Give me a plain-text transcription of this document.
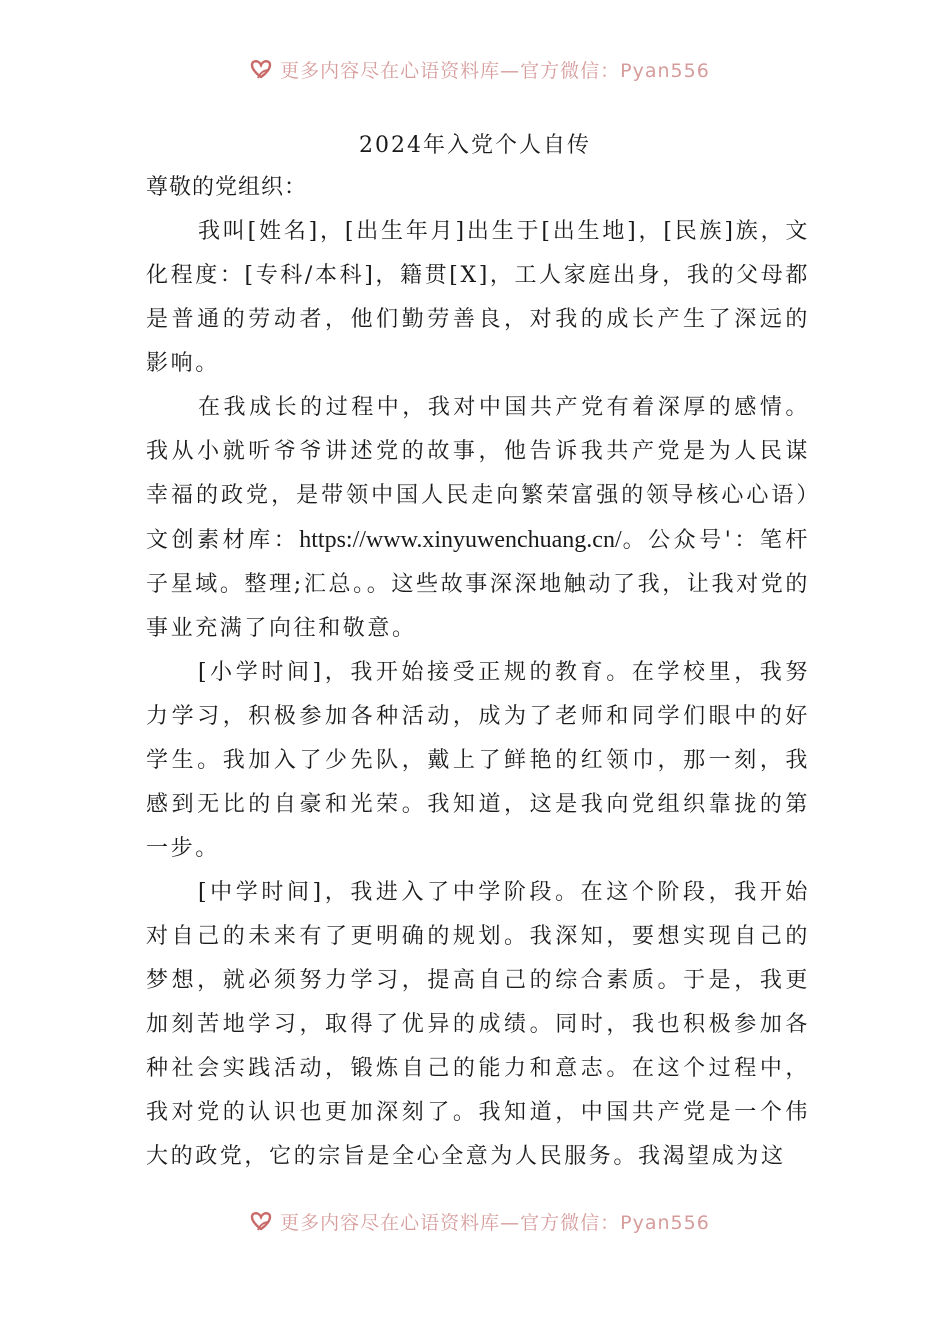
更多内容尽在心语资料库—官方微信：Pyan556
2024年入党个人自传

尊敬的党组织：

我叫[姓名]，[出生年月]出生于[出生地]，[民族]族，文化程度：[专科/本科]，籍贯[X]，工人家庭出身，我的父母都是普通的劳动者，他们勤劳善良，对我的成长产生了深远的影响。

在我成长的过程中，我对中国共产党有着深厚的感情。我从小就听爷爷讲述党的故事，他告诉我共产党是为人民谋幸福的政党，是带领中国人民走向繁荣富强的领导核心心语）文创素材库：https://www.xinyuwenchuang.cn/。公众号'：笔杆子星域。整理;汇总。。这些故事深深地触动了我，让我对党的事业充满了向往和敬意。

[小学时间]，我开始接受正规的教育。在学校里，我努力学习，积极参加各种活动，成为了老师和同学们眼中的好学生。我加入了少先队，戴上了鲜艳的红领巾，那一刻，我感到无比的自豪和光荣。我知道，这是我向党组织靠拢的第一步。

[中学时间]，我进入了中学阶段。在这个阶段，我开始对自己的未来有了更明确的规划。我深知，要想实现自己的梦想，就必须努力学习，提高自己的综合素质。于是，我更加刻苦地学习，取得了优异的成绩。同时，我也积极参加各种社会实践活动，锻炼自己的能力和意志。在这个过程中，我对党的认识也更加深刻了。我知道，中国共产党是一个伟大的政党，它的宗旨是全心全意为人民服务。我渴望成为这

更多内容尽在心语资料库—官方微信：Pyan556
